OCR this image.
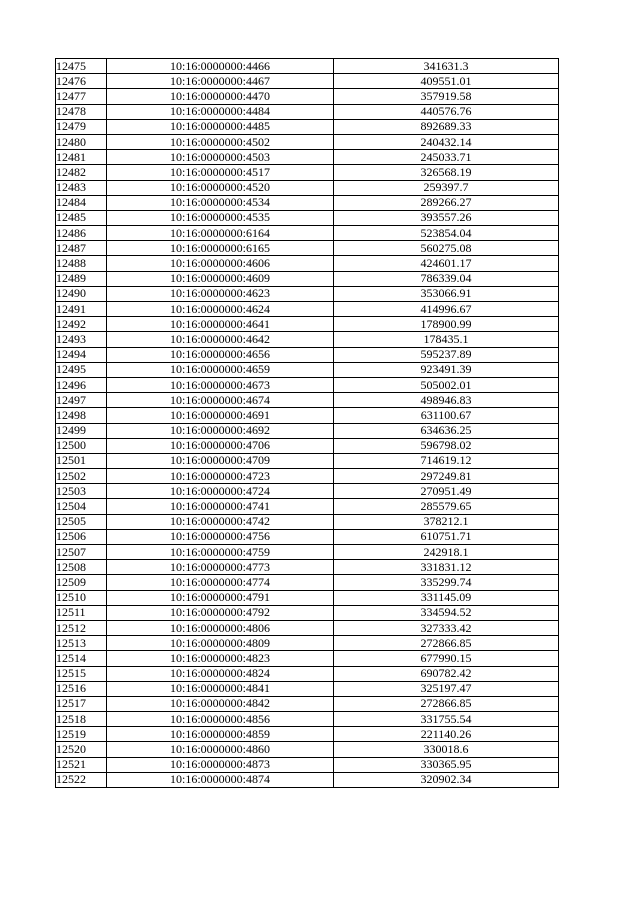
12475	10:16:0000000:4466	341631.3
12476	10:16:0000000:4467	409551.01
12477	10:16:0000000:4470	357919.58
12478	10:16:0000000:4484	440576.76
12479	10:16:0000000:4485	892689.33
12480	10:16:0000000:4502	240432.14
12481	10:16:0000000:4503	245033.71
12482	10:16:0000000:4517	326568.19
12483	10:16:0000000:4520	259397.7
12484	10:16:0000000:4534	289266.27
12485	10:16:0000000:4535	393557.26
12486	10:16:0000000:6164	523854.04
12487	10:16:0000000:6165	560275.08
12488	10:16:0000000:4606	424601.17
12489	10:16:0000000:4609	786339.04
12490	10:16:0000000:4623	353066.91
12491	10:16:0000000:4624	414996.67
12492	10:16:0000000:4641	178900.99
12493	10:16:0000000:4642	178435.1
12494	10:16:0000000:4656	595237.89
12495	10:16:0000000:4659	923491.39
12496	10:16:0000000:4673	505002.01
12497	10:16:0000000:4674	498946.83
12498	10:16:0000000:4691	631100.67
12499	10:16:0000000:4692	634636.25
12500	10:16:0000000:4706	596798.02
12501	10:16:0000000:4709	714619.12
12502	10:16:0000000:4723	297249.81
12503	10:16:0000000:4724	270951.49
12504	10:16:0000000:4741	285579.65
12505	10:16:0000000:4742	378212.1
12506	10:16:0000000:4756	610751.71
12507	10:16:0000000:4759	242918.1
12508	10:16:0000000:4773	331831.12
12509	10:16:0000000:4774	335299.74
12510	10:16:0000000:4791	331145.09
12511	10:16:0000000:4792	334594.52
12512	10:16:0000000:4806	327333.42
12513	10:16:0000000:4809	272866.85
12514	10:16:0000000:4823	677990.15
12515	10:16:0000000:4824	690782.42
12516	10:16:0000000:4841	325197.47
12517	10:16:0000000:4842	272866.85
12518	10:16:0000000:4856	331755.54
12519	10:16:0000000:4859	221140.26
12520	10:16:0000000:4860	330018.6
12521	10:16:0000000:4873	330365.95
12522	10:16:0000000:4874	320902.34
